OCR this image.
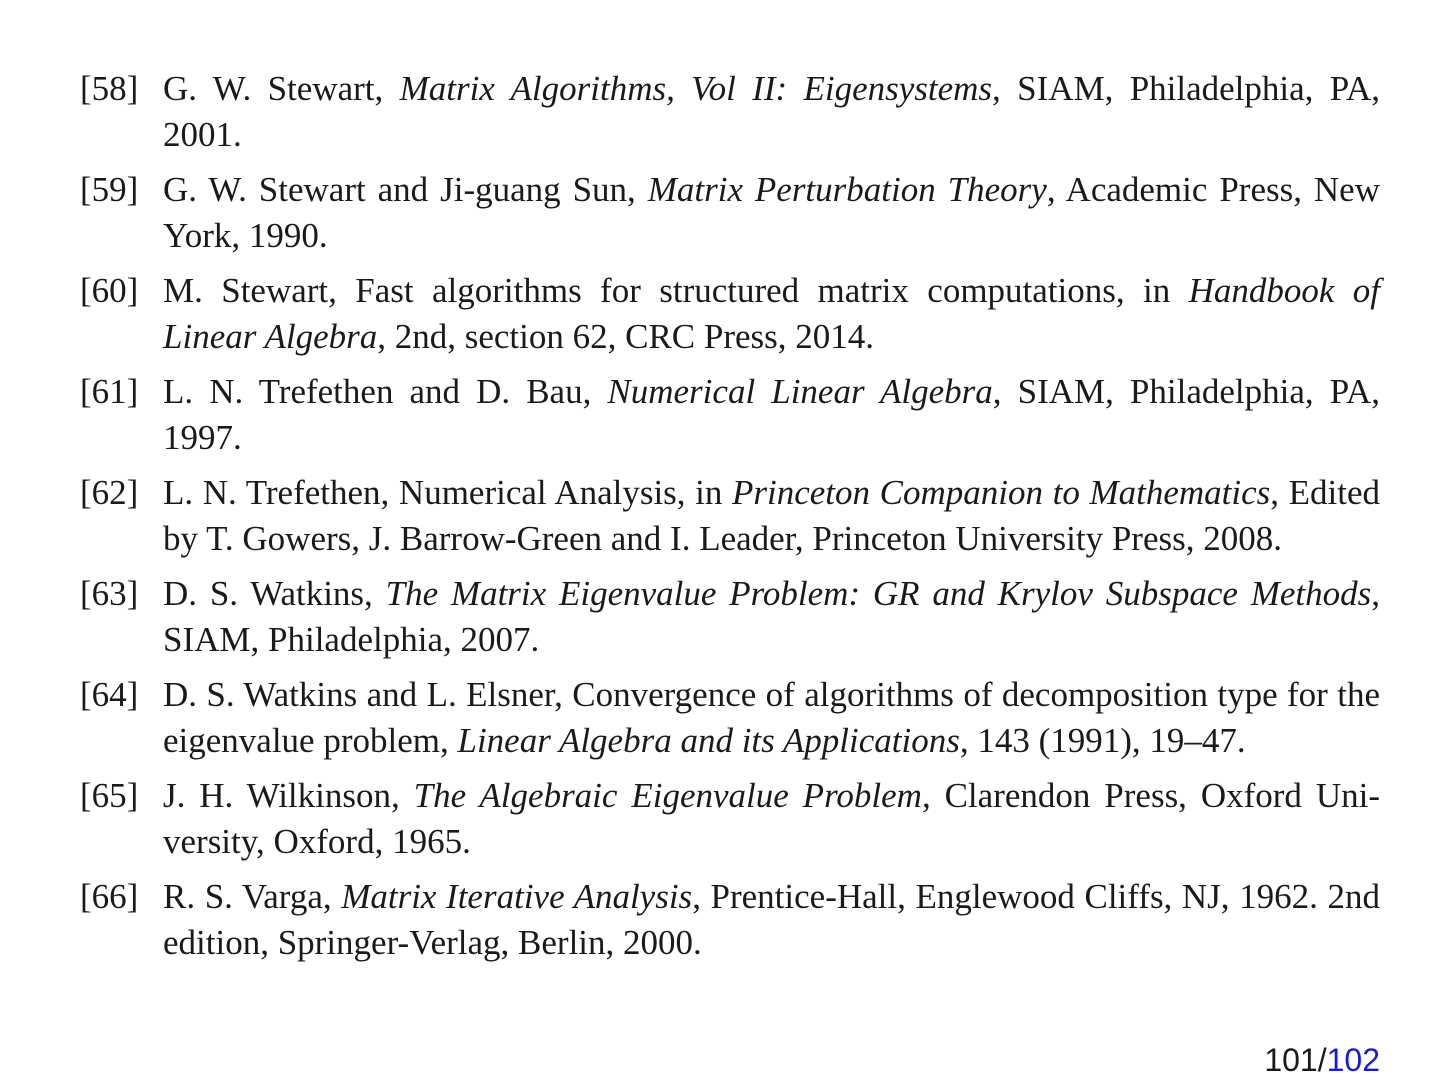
[58] G. W. Stewart, Matrix Algorithms, Vol II: Eigensystems, SIAM, Philadelphia, PA, 2001.
[59] G. W. Stewart and Ji-guang Sun, Matrix Perturbation Theory, Academic Press, New York, 1990.
[60] M. Stewart, Fast algorithms for structured matrix computations, in Handbook of Linear Algebra, 2nd, section 62, CRC Press, 2014.
[61] L. N. Trefethen and D. Bau, Numerical Linear Algebra, SIAM, Philadelphia, PA, 1997.
[62] L. N. Trefethen, Numerical Analysis, in Princeton Companion to Mathematics, Edited by T. Gowers, J. Barrow-Green and I. Leader, Princeton University Press, 2008.
[63] D. S. Watkins, The Matrix Eigenvalue Problem: GR and Krylov Subspace Methods, SIAM, Philadelphia, 2007.
[64] D. S. Watkins and L. Elsner, Convergence of algorithms of decomposition type for the eigenvalue problem, Linear Algebra and its Applications, 143 (1991), 19–47.
[65] J. H. Wilkinson, The Algebraic Eigenvalue Problem, Clarendon Press, Oxford Uni-versity, Oxford, 1965.
[66] R. S. Varga, Matrix Iterative Analysis, Prentice-Hall, Englewood Cliffs, NJ, 1962. 2nd edition, Springer-Verlag, Berlin, 2000.
101/102
